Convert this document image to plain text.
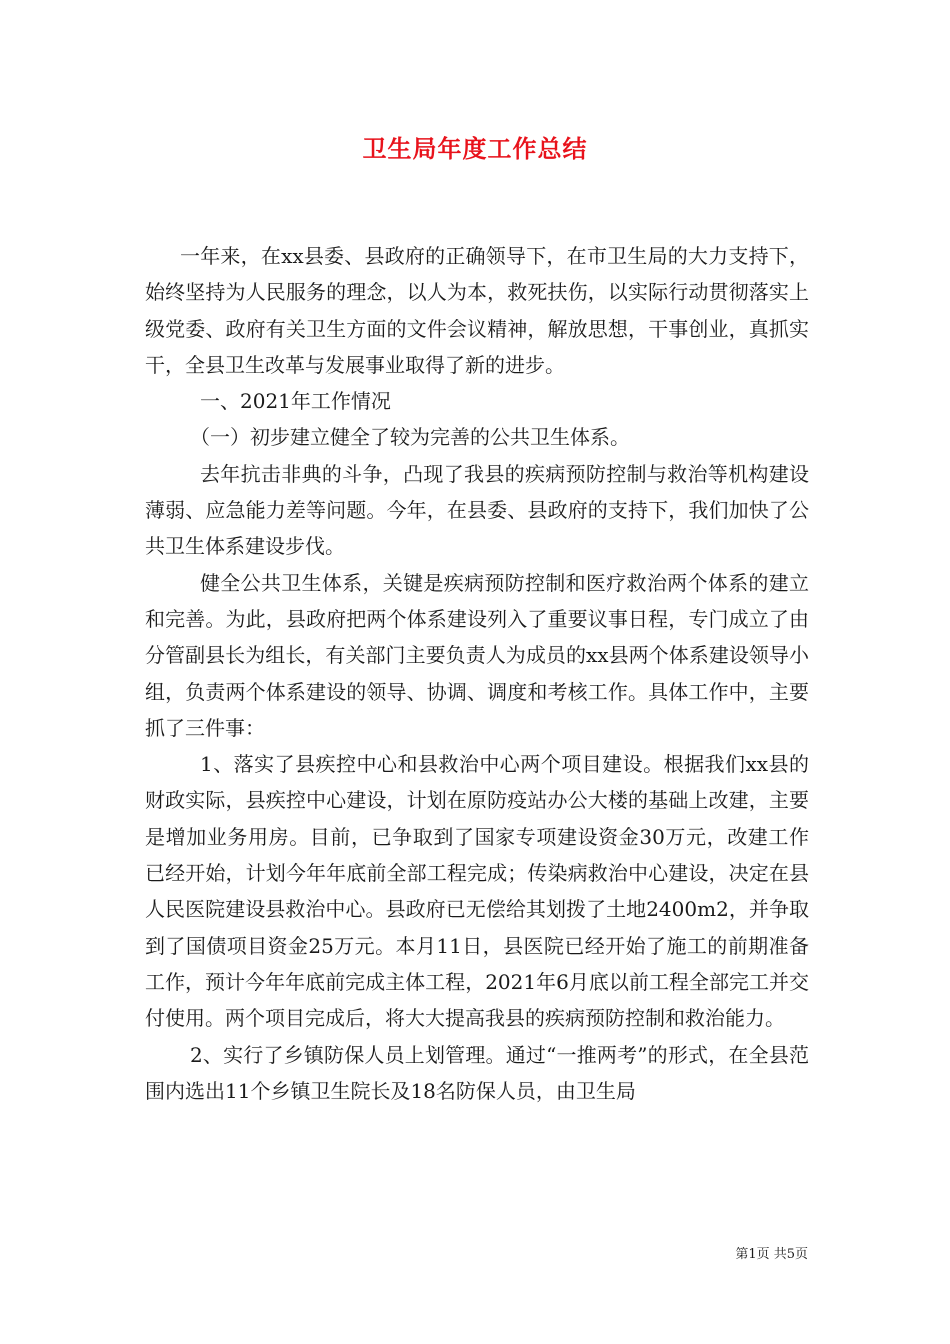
卫生局年度工作总结

一年来，在xx县委、县政府的正确领导下，在市卫生局的大力支持下，始终坚持为人民服务的理念，以人为本，救死扶伤，以实际行动贯彻落实上级党委、政府有关卫生方面的文件会议精神，解放思想，干事创业，真抓实干，全县卫生改革与发展事业取得了新的进步。

一、2021年工作情况

（一）初步建立健全了较为完善的公共卫生体系。

去年抗击非典的斗争，凸现了我县的疾病预防控制与救治等机构建设薄弱、应急能力差等问题。今年，在县委、县政府的支持下，我们加快了公共卫生体系建设步伐。

健全公共卫生体系，关键是疾病预防控制和医疗救治两个体系的建立和完善。为此，县政府把两个体系建设列入了重要议事日程，专门成立了由分管副县长为组长，有关部门主要负责人为成员的xx县两个体系建设领导小组，负责两个体系建设的领导、协调、调度和考核工作。具体工作中，主要抓了三件事：

1、落实了县疾控中心和县救治中心两个项目建设。根据我们xx县的财政实际，县疾控中心建设，计划在原防疫站办公大楼的基础上改建，主要是增加业务用房。目前，已争取到了国家专项建设资金30万元，改建工作已经开始，计划今年年底前全部工程完成；传染病救治中心建设，决定在县人民医院建设县救治中心。县政府已无偿给其划拨了土地2400m2，并争取到了国债项目资金25万元。本月11日，县医院已经开始了施工的前期准备工作，预计今年年底前完成主体工程，2021年6月底以前工程全部完工并交付使用。两个项目完成后，将大大提高我县的疾病预防控制和救治能力。

2、实行了乡镇防保人员上划管理。通过“一推两考”的形式，在全县范围内选出11个乡镇卫生院长及18名防保人员，由卫生局

第1页 共5页
